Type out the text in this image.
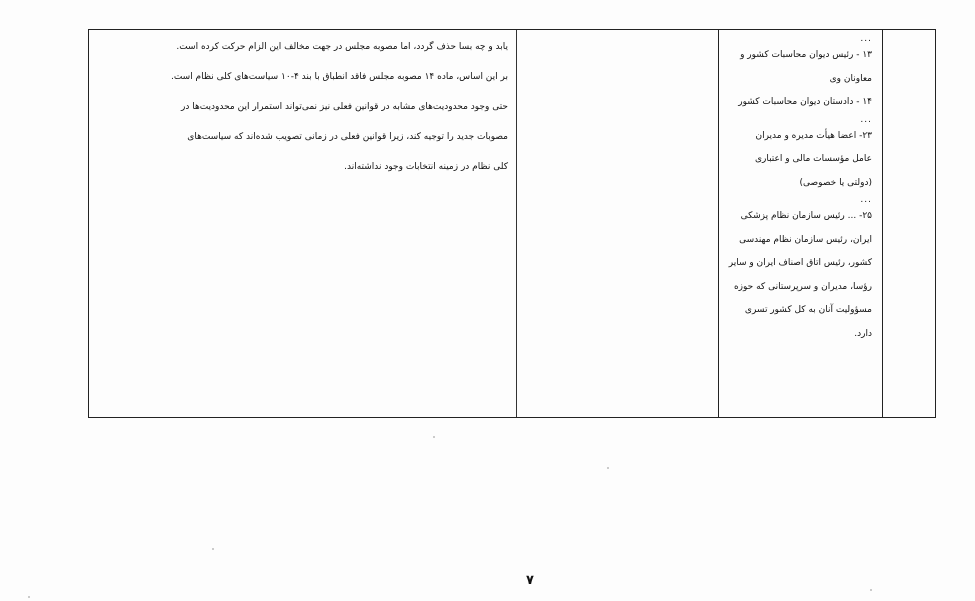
...

۱۳ - رئیس دیوان محاسبات کشور و

معاونان وی

۱۴ - دادستان دیوان محاسبات کشور

...

۲۳- اعضا هیأت مدیره و مدیران

عامل مؤسسات مالی و اعتباری

(دولتی یا خصوصی)

...

۲۵- ... رئیس سازمان نظام پزشکی

ایران، رئیس سازمان نظام مهندسی

کشور، رئیس اتاق اصناف ایران و سایر

رؤسا، مدیران و سرپرستانی که حوزه

مسؤولیت آنان به کل کشور تسری

دارد.

یابد و چه بسا حذف گردد، اما مصوبه مجلس در جهت مخالف این الزام حرکت کرده است.

بر این اساس، ماده ۱۴ مصوبه مجلس فاقد انطباق با بند ۴-۱۰ سیاست‌های کلی نظام است.

حتی وجود محدودیت‌های مشابه در قوانین فعلی نیز نمی‌تواند استمرار این محدودیت‌ها در

مصوبات جدید را توجیه کند، زیرا قوانین فعلی در زمانی تصویب شده‌اند که سیاست‌های

کلی نظام در زمینه انتخابات وجود نداشته‌اند.

۷
